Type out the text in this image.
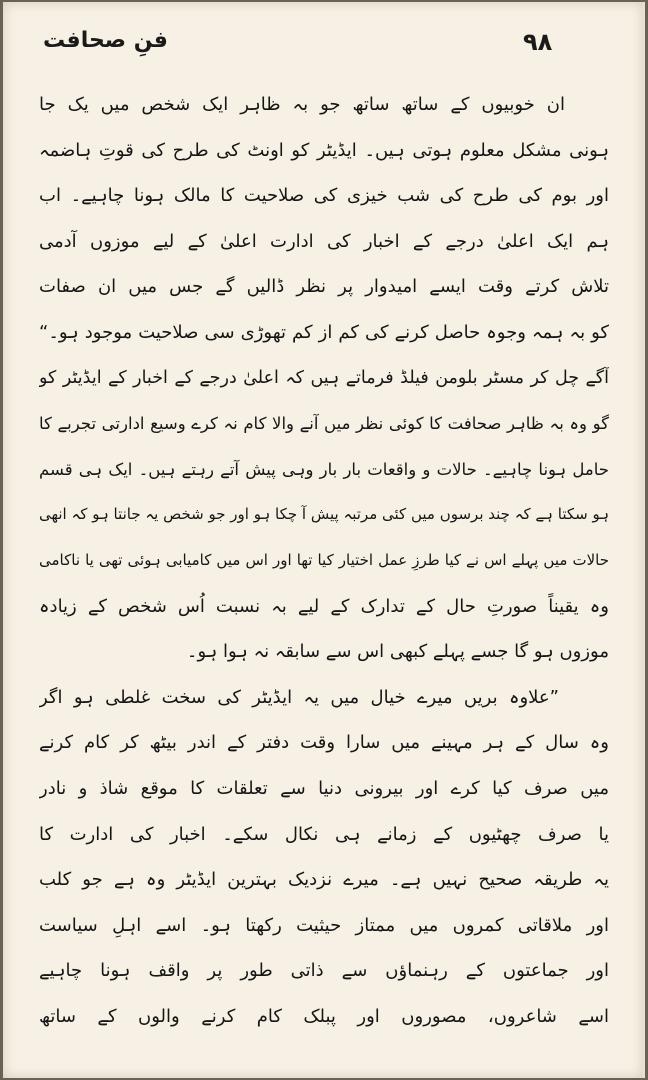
فنِ صحافت	۹۸
ان خوبیوں کے ساتھ ساتھ جو بہ ظاہر ایک شخص میں یک جا
ہونی مشکل معلوم ہوتی ہیں۔ ایڈیٹر کو اونٹ کی طرح کی قوتِ ہاضمہ
اور بوم کی طرح کی شب خیزی کی صلاحیت کا مالک ہونا چاہیے۔ اب
ہم ایک اعلیٰ درجے کے اخبار کی ادارت اعلیٰ کے لیے موزوں آدمی
تلاش کرتے وقت ایسے امیدوار پر نظر ڈالیں گے جس میں ان صفات
کو بہ ہمہ وجوہ حاصل کرنے کی کم از کم تھوڑی سی صلاحیت موجود ہو۔“
آگے چل کر مسٹر بلومن فیلڈ فرماتے ہیں کہ اعلیٰ درجے کے اخبار کے ایڈیٹر کو
گو وہ بہ ظاہر صحافت کا کوئی نظر میں آنے والا کام نہ کرے وسیع ادارتی تجربے کا
حامل ہونا چاہیے۔ حالات و واقعات بار بار وہی پیش آتے رہتے ہیں۔ ایک ہی قسم
ہو سکتا ہے کہ چند برسوں میں کئی مرتبہ پیش آ چکا ہو اور جو شخص یہ جانتا ہو کہ انھی
حالات میں پہلے اس نے کیا طرزِ عمل اختیار کیا تھا اور اس میں کامیابی ہوئی تھی یا ناکامی
وہ یقیناً صورتِ حال کے تدارک کے لیے بہ نسبت اُس شخص کے زیادہ
موزوں ہو گا جسے پہلے کبھی اس سے سابقہ نہ ہوا ہو۔
”علاوہ بریں میرے خیال میں یہ ایڈیٹر کی سخت غلطی ہو اگر
وہ سال کے ہر مہینے میں سارا وقت دفتر کے اندر بیٹھ کر کام کرنے
میں صرف کیا کرے اور بیرونی دنیا سے تعلقات کا موقع شاذ و نادر
یا صرف چھٹیوں کے زمانے ہی نکال سکے۔ اخبار کی ادارت کا
یہ طریقہ صحیح نہیں ہے۔ میرے نزدیک بہترین ایڈیٹر وہ ہے جو کلب
اور ملاقاتی کمروں میں ممتاز حیثیت رکھتا ہو۔ اسے اہلِ سیاست
اور جماعتوں کے رہنماؤں سے ذاتی طور پر واقف ہونا چاہیے
اسے شاعروں، مصوروں اور پبلک کام کرنے والوں کے ساتھ
